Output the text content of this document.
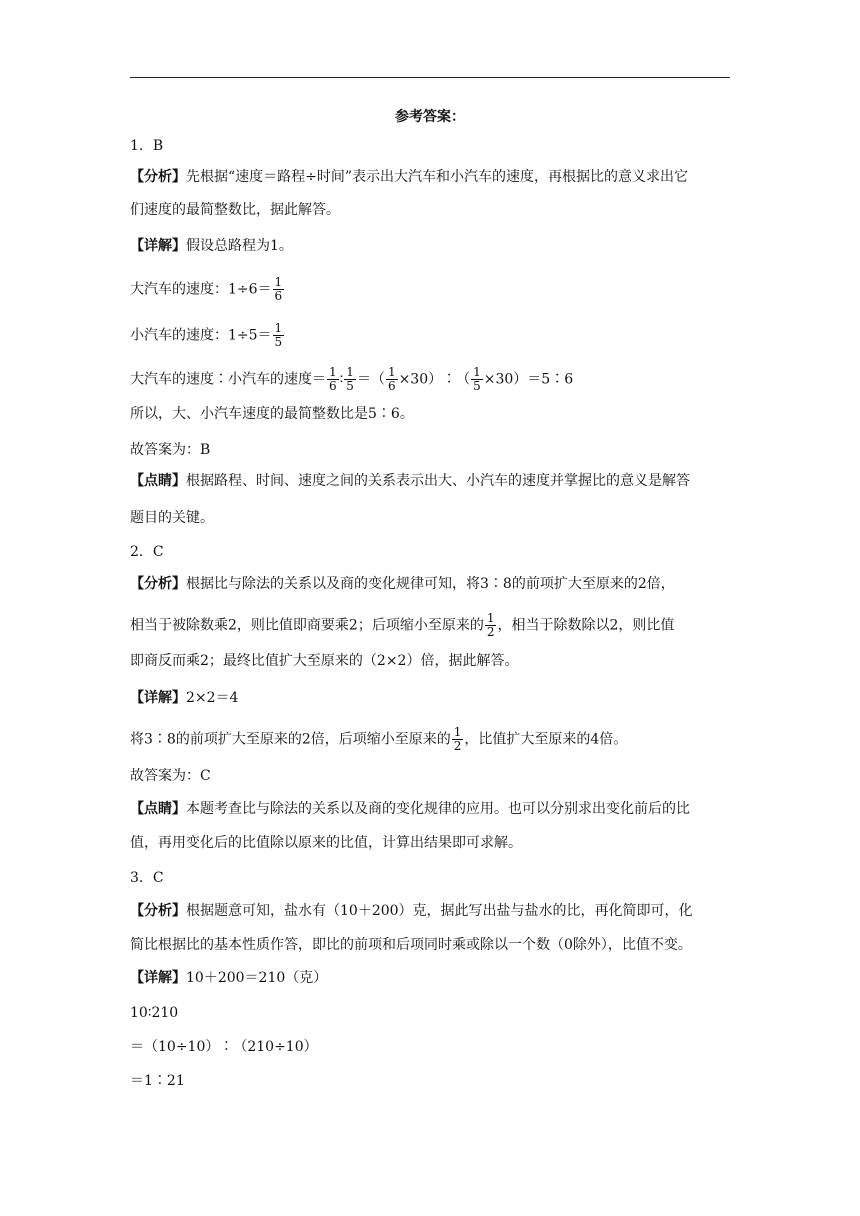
参考答案：
1．B
【分析】先根据“速度＝路程÷时间”表示出大汽车和小汽车的速度，再根据比的意义求出它
们速度的最简整数比，据此解答。
【详解】假设总路程为1。
大汽车的速度：$1\div 6= \frac{1}{6}$
小汽车的速度：$1\div 5= \frac{1}{5}$
大汽车的速度∶小汽车的速度＝ $\frac{1}{6}$ ∶ $\frac{1}{5}$ ＝（ $\frac{1}{6}$ ×30）∶（ $\frac{1}{5}$ ×30）＝5∶6
所以，大、小汽车速度的最简整数比是5∶6。
故答案为：B
【点睛】根据路程、时间、速度之间的关系表示出大、小汽车的速度并掌握比的意义是解答
题目的关键。
2．C
【分析】根据比与除法的关系以及商的变化规律可知，将3∶8的前项扩大至原来的2倍，
相当于被除数乘2，则比值即商要乘2；后项缩小至原来的 $\frac{1}{2}$ ，相当于除数除以2，则比值
即商反而乘2；最终比值扩大至原来的（2×2）倍，据此解答。
【详解】2×2＝4
将3∶8的前项扩大至原来的2倍，后项缩小至原来的 $\frac{1}{2}$ ，比值扩大至原来的4倍。
故答案为：C
【点睛】本题考查比与除法的关系以及商的变化规律的应用。也可以分别求出变化前后的比
值，再用变化后的比值除以原来的比值，计算出结果即可求解。
3．C
【分析】根据题意可知，盐水有（10＋200）克，据此写出盐与盐水的比，再化简即可，化
简比根据比的基本性质作答，即比的前项和后项同时乘或除以一个数（0除外），比值不变。
【详解】10＋200＝210（克）
10∶210
＝（10÷10）∶（210÷10）
＝1∶21
